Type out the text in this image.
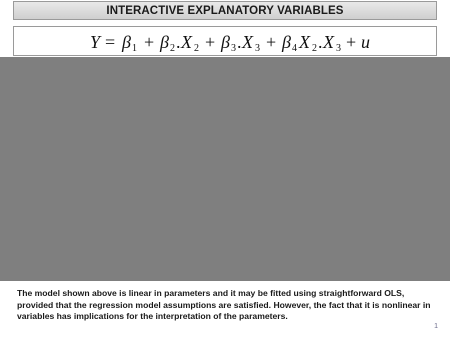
INTERACTIVE EXPLANATORY VARIABLES
Y = β 1 + β 2 . X 2 + β 3 . X 3 + β 4 X 2 . X 3 + u

The model shown above is linear in parameters and it may be fitted using straightforward OLS, provided that the regression model assumptions are satisfied. However, the fact that it is nonlinear in variables has implications for the interpretation of the parameters.

1
